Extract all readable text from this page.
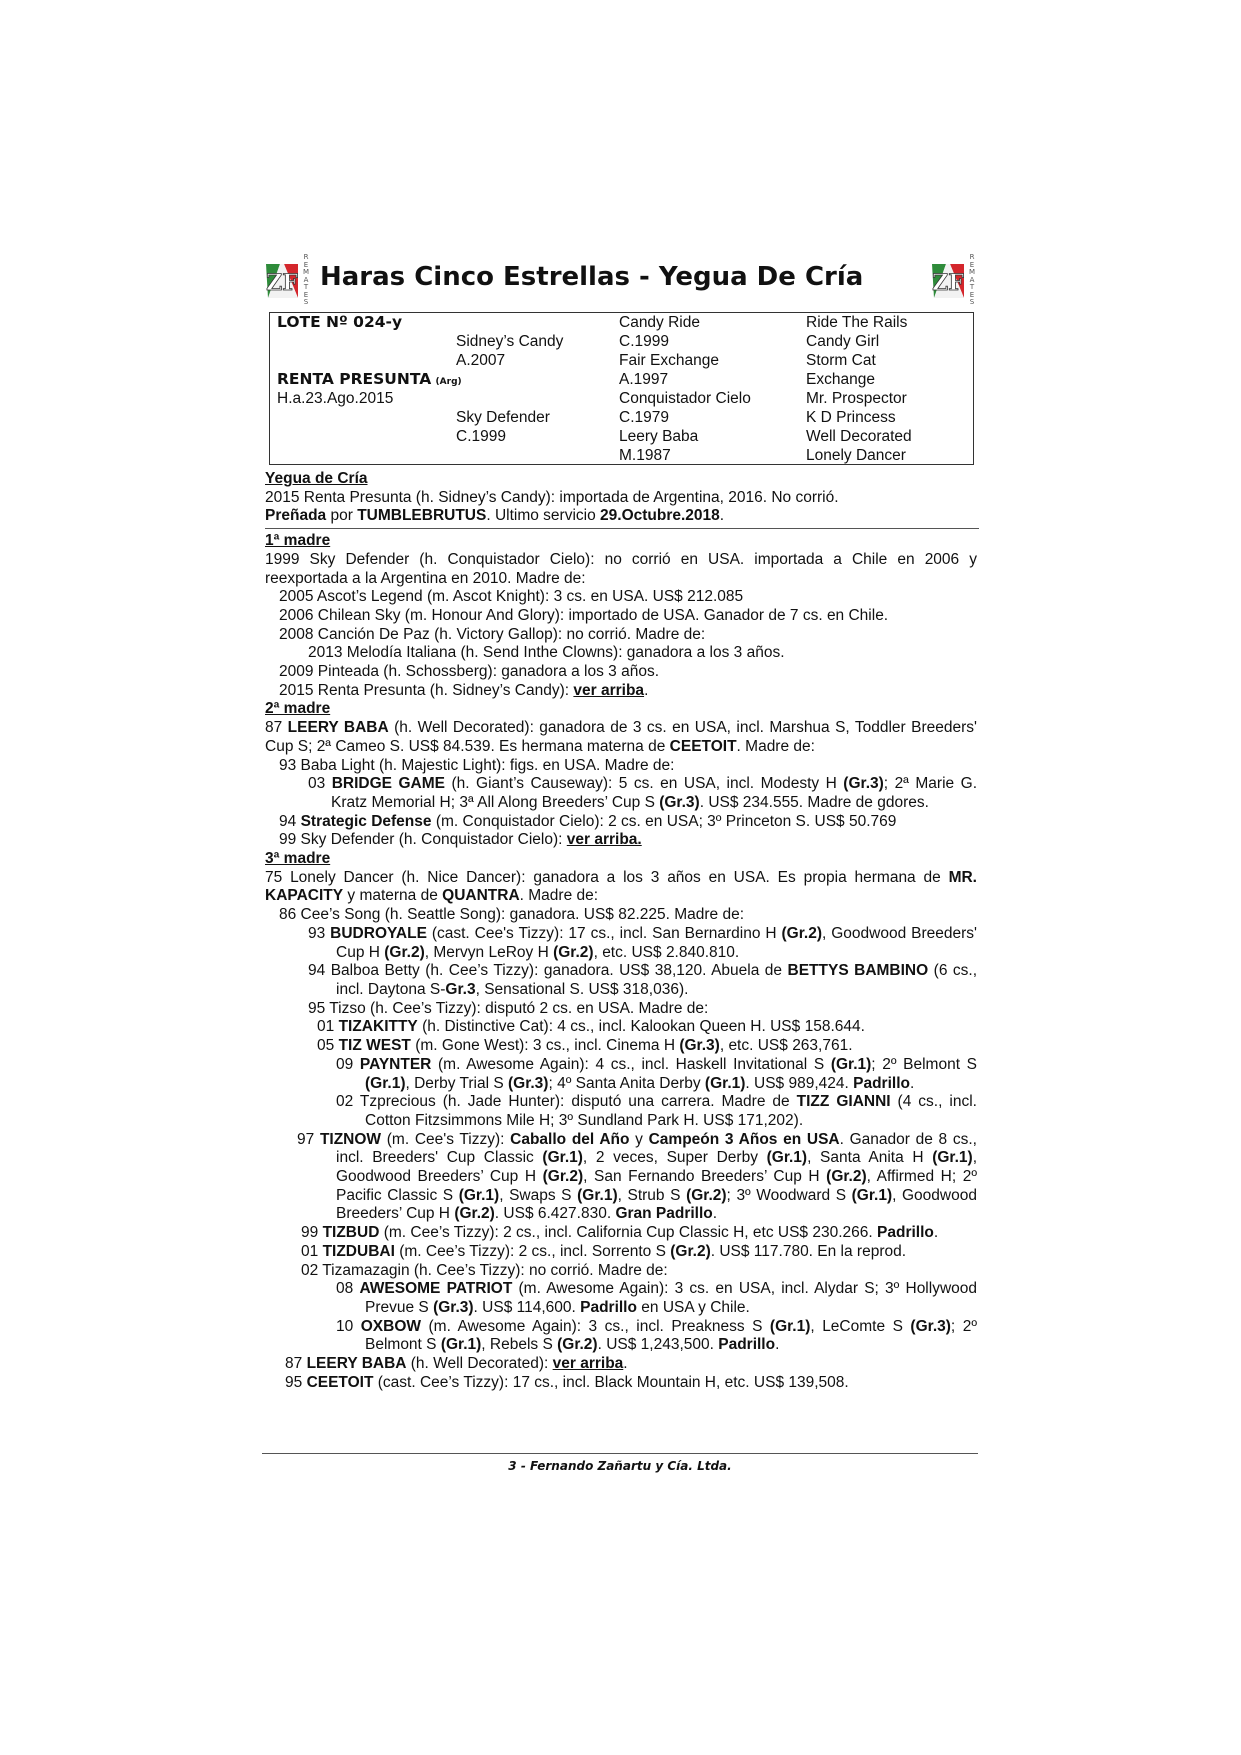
ZF
R
E
M
A
T
E
S
ZF
R
E
M
A
T
E
S
Haras Cinco Estrellas - Yegua De Cría
LOTE Nº 024-y
RENTA PRESUNTA (Arg)
H.a.23.Ago.2015
Sidney’s Candy
A.2007
Sky Defender
C.1999
Candy Ride
C.1999
Fair Exchange
A.1997
Conquistador Cielo
C.1979
Leery Baba
M.1987
Ride The Rails
Candy Girl
Storm Cat
Exchange
Mr. Prospector
K D Princess
Well Decorated
Lonely Dancer

Yegua de Cría

2015 Renta Presunta (h. Sidney’s Candy): importada de Argentina, 2016. No corrió.

Preñada por TUMBLEBRUTUS. Ultimo servicio 29.Octubre.2018.

1ª madre

1999 Sky Defender (h. Conquistador Cielo): no corrió en USA. importada a Chile en 2006 y reexportada a la Argentina en 2010. Madre de:

2005 Ascot’s Legend (m. Ascot Knight): 3 cs. en USA. US$ 212.085

2006 Chilean Sky (m. Honour And Glory): importado de USA. Ganador de 7 cs. en Chile.

2008 Canción De Paz (h. Victory Gallop): no corrió. Madre de:

2013 Melodía Italiana (h. Send Inthe Clowns): ganadora a los 3 años.

2009 Pinteada (h. Schossberg): ganadora a los 3 años.

2015 Renta Presunta (h. Sidney’s Candy): ver arriba.

2ª madre

87 LEERY BABA (h. Well Decorated): ganadora de 3 cs. en USA, incl. Marshua S, Toddler Breeders' Cup S; 2ª Cameo S. US$ 84.539. Es hermana materna de CEETOIT. Madre de:

93 Baba Light (h. Majestic Light): figs. en USA. Madre de:

03 BRIDGE GAME (h. Giant’s Causeway): 5 cs. en USA, incl. Modesty H (Gr.3); 2ª Marie G. Kratz Memorial H; 3ª All Along Breeders’ Cup S (Gr.3). US$ 234.555. Madre de gdores.

94 Strategic Defense (m. Conquistador Cielo): 2 cs. en USA; 3º Princeton S. US$ 50.769

99 Sky Defender (h. Conquistador Cielo): ver arriba.

3ª madre

75 Lonely Dancer (h. Nice Dancer): ganadora a los 3 años en USA. Es propia hermana de MR. KAPACITY y materna de QUANTRA. Madre de:

86 Cee’s Song (h. Seattle Song): ganadora. US$ 82.225. Madre de:

93 BUDROYALE (cast. Cee's Tizzy): 17 cs., incl. San Bernardino H (Gr.2), Goodwood Breeders' Cup H (Gr.2), Mervyn LeRoy H (Gr.2), etc. US$ 2.840.810.

94 Balboa Betty (h. Cee’s Tizzy): ganadora. US$ 38,120. Abuela de BETTYS BAMBINO (6 cs., incl. Daytona S-Gr.3, Sensational S. US$ 318,036).

95 Tizso (h. Cee’s Tizzy): disputó 2 cs. en USA. Madre de:

01 TIZAKITTY (h. Distinctive Cat): 4 cs., incl. Kalookan Queen H. US$ 158.644.

05 TIZ WEST (m. Gone West): 3 cs., incl. Cinema H (Gr.3), etc. US$ 263,761.

09 PAYNTER (m. Awesome Again): 4 cs., incl. Haskell Invitational S (Gr.1); 2º Belmont S (Gr.1), Derby Trial S (Gr.3); 4º Santa Anita Derby (Gr.1). US$ 989,424. Padrillo.

02 Tzprecious (h. Jade Hunter): disputó una carrera. Madre de TIZZ GIANNI (4 cs., incl. Cotton Fitzsimmons Mile H; 3º Sundland Park H. US$ 171,202).

97 TIZNOW (m. Cee's Tizzy): Caballo del Año y Campeón 3 Años en USA. Ganador de 8 cs., incl. Breeders' Cup Classic (Gr.1), 2 veces, Super Derby (Gr.1), Santa Anita H (Gr.1), Goodwood Breeders’ Cup H (Gr.2), San Fernando Breeders’ Cup H (Gr.2), Affirmed H; 2º Pacific Classic S (Gr.1), Swaps S (Gr.1), Strub S (Gr.2); 3º Woodward S (Gr.1), Goodwood Breeders’ Cup H (Gr.2). US$ 6.427.830. Gran Padrillo.

99 TIZBUD (m. Cee’s Tizzy): 2 cs., incl. California Cup Classic H, etc US$ 230.266. Padrillo.

01 TIZDUBAI (m. Cee’s Tizzy): 2 cs., incl. Sorrento S (Gr.2). US$ 117.780. En la reprod.

02 Tizamazagin (h. Cee’s Tizzy): no corrió. Madre de:

08 AWESOME PATRIOT (m. Awesome Again): 3 cs. en USA, incl. Alydar S; 3º Hollywood Prevue S (Gr.3). US$ 114,600. Padrillo en USA y Chile.

10 OXBOW (m. Awesome Again): 3 cs., incl. Preakness S (Gr.1), LeComte S (Gr.3); 2º Belmont S (Gr.1), Rebels S (Gr.2). US$ 1,243,500. Padrillo.

87 LEERY BABA (h. Well Decorated): ver arriba.

95 CEETOIT (cast. Cee’s Tizzy): 17 cs., incl. Black Mountain H, etc. US$ 139,508.

3 - Fernando Zañartu y Cía. Ltda.
